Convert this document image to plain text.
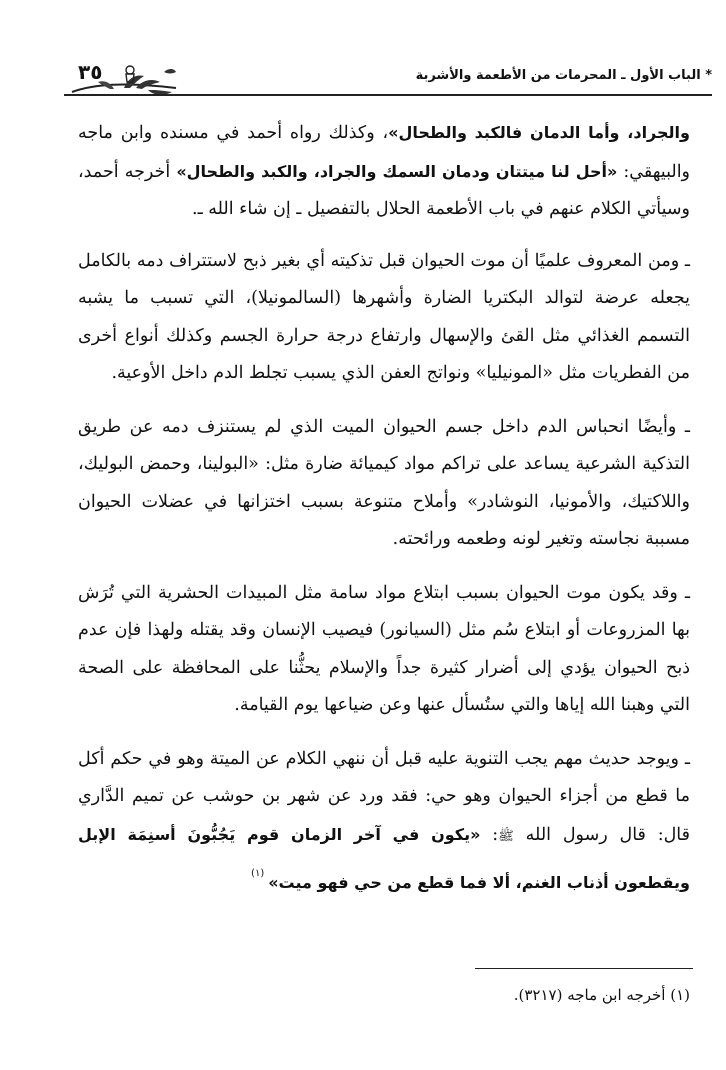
* الباب الأول ـ المحرمات من الأطعمة والأشربة
٣٥

والجراد، وأما الدمان فالكبد والطحال»، وكذلك رواه أحمد في مسنده وابن ماجه والبيهقي: «أحل لنا ميتتان ودمان السمك والجراد، والكبد والطحال» أخرجه أحمد، وسيأتي الكلام عنهم في باب الأطعمة الحلال بالتفصيل ـ إن شاء الله ـ.

ـ ومن المعروف علميًا أن موت الحيوان قبل تذكيته أي بغير ذبح لاستتراف دمه بالكامل يجعله عرضة لتوالد البكتريا الضارة وأشهرها (السالمونيلا)، التي تسبب ما يشبه التسمم الغذائي مثل القئ والإسهال وارتفاع درجة حرارة الجسم وكذلك أنواع أخرى من الفطريات مثل «المونيليا» ونواتج العفن الذي يسبب تجلط الدم داخل الأوعية.

ـ وأيضًا انحباس الدم داخل جسم الحيوان الميت الذي لم يستنزف دمه عن طريق التذكية الشرعية يساعد على تراكم مواد كيميائة ضارة مثل: «البولينا، وحمض البوليك، واللاكتيك، والأمونيا، النوشادر» وأملاح متنوعة بسبب اختزانها في عضلات الحيوان مسببة نجاسته وتغير لونه وطعمه ورائحته.

ـ وقد يكون موت الحيوان بسبب ابتلاع مواد سامة مثل المبيدات الحشرية التي تُرَش بها المزروعات أو ابتلاع سُم مثل (السيانور) فيصيب الإنسان وقد يقتله ولهذا فإن عدم ذبح الحيوان يؤدي إلى أضرار كثيرة جداً والإسلام يحثُّنا على المحافظة على الصحة التي وهبنا الله إياها والتي ستُسأل عنها وعن ضياعها يوم القيامة.

ـ ويوجد حديث مهم يجب التنوية عليه قبل أن ننهي الكلام عن الميتة وهو في حكم أكل ما قطع من أجزاء الحيوان وهو حي: فقد ورد عن شهر بن حوشب عن تميم الدَّاري قال: قال رسول الله ﷺ: «يكون في آخر الزمان قوم يَجُبُّونَ أسنِمَة الإبل ويقطعون أذناب الغنم، ألا فما قطع من حي فهو ميت»(١)

(١) أخرجه ابن ماجه (٣٢١٧).
